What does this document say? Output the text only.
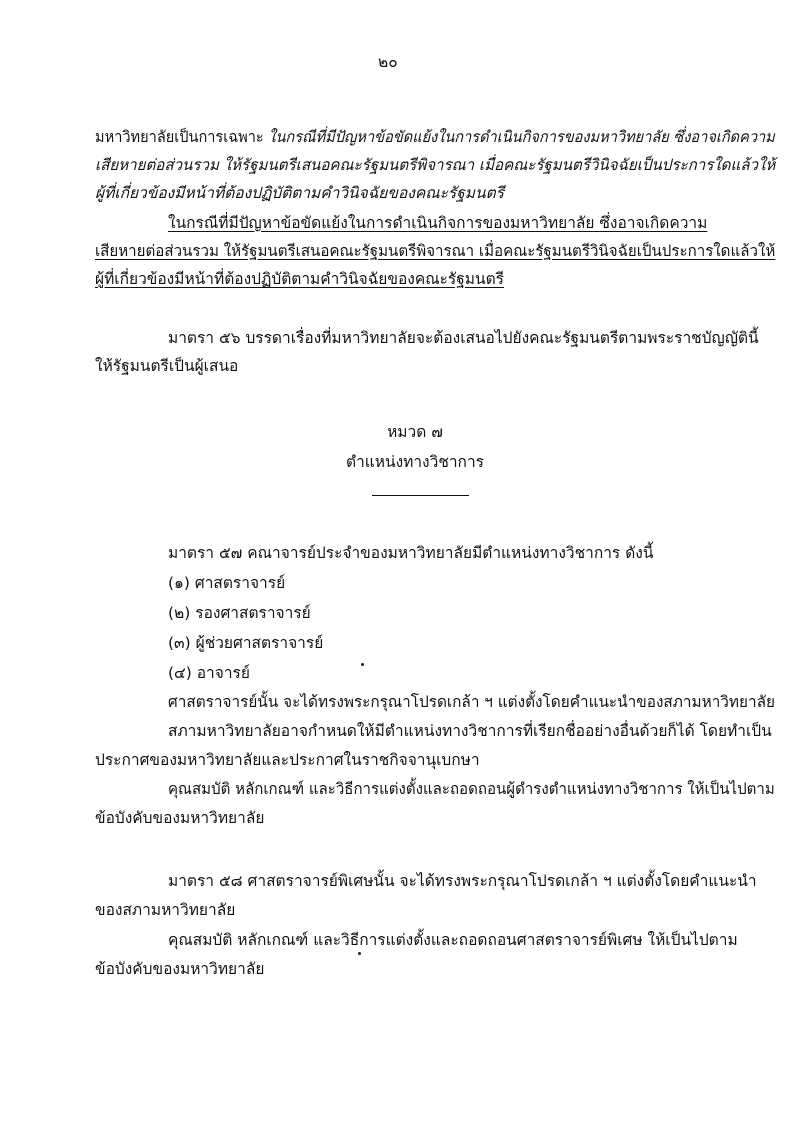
๒๐
มหาวิทยาลัยเป็นการเฉพาะ ในกรณีที่มีปัญหาข้อขัดแย้งในการดำเนินกิจการของมหาวิทยาลัย ซึ่งอาจเกิดความ
เสียหายต่อส่วนรวม ให้รัฐมนตรีเสนอคณะรัฐมนตรีพิจารณา เมื่อคณะรัฐมนตรีวินิจฉัยเป็นประการใดแล้วให้
ผู้ที่เกี่ยวข้องมีหน้าที่ต้องปฏิบัติตามคำวินิจฉัยของคณะรัฐมนตรี
ในกรณีที่มีปัญหาข้อขัดแย้งในการดำเนินกิจการของมหาวิทยาลัย ซึ่งอาจเกิดความ
เสียหายต่อส่วนรวม ให้รัฐมนตรีเสนอคณะรัฐมนตรีพิจารณา เมื่อคณะรัฐมนตรีวินิจฉัยเป็นประการใดแล้วให้
ผู้ที่เกี่ยวข้องมีหน้าที่ต้องปฏิบัติตามคำวินิจฉัยของคณะรัฐมนตรี
มาตรา ๕๖ บรรดาเรื่องที่มหาวิทยาลัยจะต้องเสนอไปยังคณะรัฐมนตรีตามพระราชบัญญัตินี้
ให้รัฐมนตรีเป็นผู้เสนอ
หมวด ๗
ตำแหน่งทางวิชาการ
มาตรา ๕๗ คณาจารย์ประจำของมหาวิทยาลัยมีตำแหน่งทางวิชาการ ดังนี้
(๑) ศาสตราจารย์
(๒) รองศาสตราจารย์
(๓) ผู้ช่วยศาสตราจารย์
(๔) อาจารย์
ศาสตราจารย์นั้น จะได้ทรงพระกรุณาโปรดเกล้า ฯ แต่งตั้งโดยคำแนะนำของสภามหาวิทยาลัย
สภามหาวิทยาลัยอาจกำหนดให้มีตำแหน่งทางวิชาการที่เรียกชื่ออย่างอื่นด้วยก็ได้ โดยทำเป็น
ประกาศของมหาวิทยาลัยและประกาศในราชกิจจานุเบกษา
คุณสมบัติ หลักเกณฑ์ และวิธีการแต่งตั้งและถอดถอนผู้ดำรงตำแหน่งทางวิชาการ ให้เป็นไปตาม
ข้อบังคับของมหาวิทยาลัย
มาตรา ๕๘ ศาสตราจารย์พิเศษนั้น จะได้ทรงพระกรุณาโปรดเกล้า ฯ แต่งตั้งโดยคำแนะนำ
ของสภามหาวิทยาลัย
คุณสมบัติ หลักเกณฑ์ และวิธีการแต่งตั้งและถอดถอนศาสตราจารย์พิเศษ ให้เป็นไปตาม
ข้อบังคับของมหาวิทยาลัย
